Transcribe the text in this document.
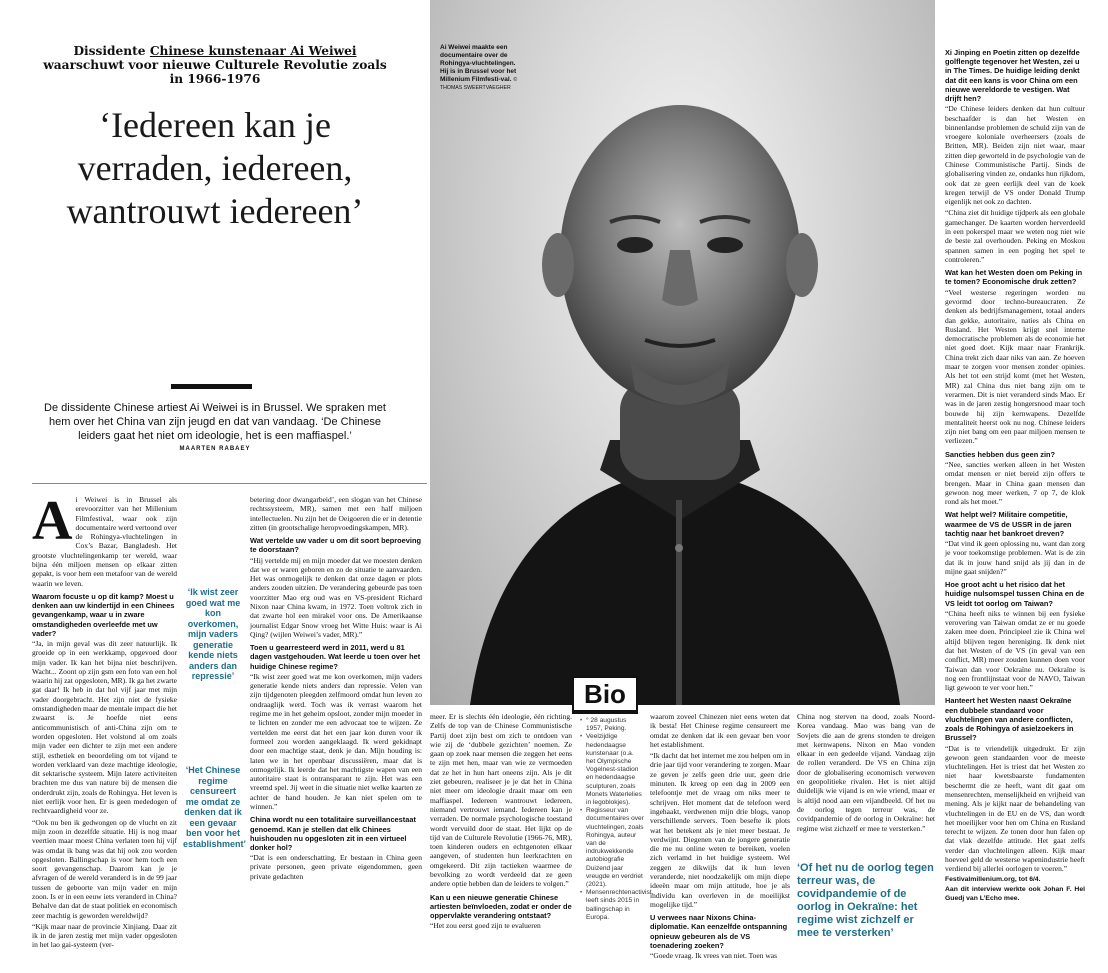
Dissidente Chinese kunstenaar Ai Weiwei waarschuwt voor nieuwe Culturele Revolutie zoals in 1966-1976
‘Iedereen kan je verraden, iedereen, wantrouwt iedereen’
De dissidente Chinese artiest Ai Weiwei is in Brussel. We spraken met hem over het China van zijn jeugd en dat van vandaag. ‘De Chinese leiders gaat het niet om ideologie, het is een maffiaspel.’
MAARTEN RABAEY
Ai Weiwei maakte een documentaire over de Rohingya-vluchtelingen. Hij is in Brussel voor het Millenium Filmfesti-val. © THOMAS SWEERTVAEGHER
A i Weiwei is in Brussel als erevoorzitter van het Millenium Filmfestival, waar ook zijn documentaire werd vertoond over de Rohingya-vluchtelingen in Cox’s Bazar, Bangladesh. Het grootste vluchtelingenkamp ter wereld, waar bijna één miljoen mensen op elkaar zitten gepakt, is voor hem een metafoor van de wereld waarin we leven.

Waarom focuste u op dit kamp? Moest u denken aan uw kindertijd in een Chinees gevangenkamp, waar u in zware omstandigheden overleefde met uw vader?

“Ja, in mijn geval was dit zeer natuurlijk. Ik groeide op in een werkkamp, opgevoed door mijn vader. Ik kan het bijna niet beschrijven. Wacht... Zoont op zijn gsm een foto van een hol waarin hij zat opgesloten, MR). Ik ga het zwarte gat daar! Ik heb in dat hol vijf jaar met mijn vader doorgebracht. Het zijn niet de fysieke omstandigheden maar de mentale impact die het zwaarst is. Je hoefde niet eens anticommunistisch of anti-China zijn om te worden opgesloten. Het volstond al om zoals mijn vader een dichter te zijn met een andere stijl, esthetiek en beoordeling om tot vijand te worden verklaard van deze machtige ideologie, dit sektarische systeem. Mijn latere activiteiten brachten me dus van nature bij de mensen die onderdrukt zijn, zoals de Rohingya. Het leven is niet eerlijk voor hen. Er is geen mededogen of rechtvaardigheid voor ze.

“Ook nu ben ik gedwongen op de vlucht en zit mijn zoon in dezelfde situatie. Hij is nog maar veertien maar moest China verlaten toen hij vijf was omdat ik bang was dat hij ook zou worden opgesloten. Ballingschap is voor hem toch een soort gevangenschap. Daarom kan je je afvragen of de wereld veranderd is in de 99 jaar tussen de geboorte van mijn vader en mijn zoon. Is er in een eeuw iets veranderd in China? Behalve dan dat de staat politiek en economisch zeer machtig is geworden wereldwijd?

“Kijk maar naar de provincie Xinjiang. Daar zit ik in de jaren zestig met mijn vader opgesloten in het lao gai-systeem (ver-

‘Ik wist zeer goed wat me kon overkomen, mijn vaders generatie kende niets anders dan repressie’
‘Het Chinese regime censureert me omdat ze denken dat ik een gevaar ben voor het establishment’

betering door dwangarbeid’, een slogan van het Chinese rechtssysteem, MR), samen met een half miljoen intellectuelen. Nu zijn het de Oeigoeren die er in detentie zitten (in grootschalige heropvoedingskampen, MR).

Wat vertelde uw vader u om dit soort beproeving te doorstaan?

“Hij vertelde mij en mijn moeder dat we moesten denken dat we er waren geboren en zo de situatie te aanvaarden. Het was onmogelijk te denken dat onze dagen er plots anders zouden uitzien. De verandering gebeurde pas toen voorzitter Mao erg oud was en VS-president Richard Nixon naar China kwam, in 1972. Toen voltrok zich in dat zwarte hol een mirakel voor ons. De Amerikaanse journalist Edgar Snow vroeg het Witte Huis: waar is Ai Qing? (wijlen Weiwei’s vader, MR).”

Toen u gearresteerd werd in 2011, werd u 81 dagen vastgehouden. Wat leerde u toen over het huidige Chinese regime?

“Ik wist zeer goed wat me kon overkomen, mijn vaders generatie kende niets anders dan repressie. Velen van zijn tijdgenoten pleegden zelfmoord omdat hun leven zo ondraaglijk werd. Toch was ik verrast waarom het regime me in het geheim opsloot, zonder mijn moeder in te lichten en zonder me een advocaat toe te wijzen. Ze vertelden me eerst dat het een jaar kon duren voor ik formeel zou worden aangeklaagd. Ik werd gekidnapt door een machtige staat, denk je dan. Mijn houding is: laten we in het openbaar discussiëren, maar dat is onmogelijk. Ik leerde dat het machtigste wapen van een autoritaire staat is ontransparant te zijn. Het was een vreemd spel. Jij weet in die situatie niet welke kaarten ze achter de hand houden. Je kan niet spelen om te winnen.”

China wordt nu een totalitaire surveillancestaat genoemd. Kan je stellen dat elk Chinees huishouden nu opgesloten zit in een virtueel donker hol?

“Dat is een onderschatting. Er bestaan in China geen private personen, geen private eigendommen, geen private gedachten

meer. Er is slechts één ideologie, één richting. Zelfs de top van de Chinese Communistische Partij doet zijn best om zich te ontdoen van wie zij de ‘dubbele gezichten’ noemen. Ze gaan op zoek naar mensen die zeggen het eens te zijn met hen, maar van wie ze vermoeden dat ze het in hun hart oneens zijn. Als je dit ziet gebeuren, realiseer je je dat het in China niet meer om ideologie draait maar om een maffiaspel. Iedereen wantrouwt iedereen, niemand vertrouwt iemand. Iedereen kan je verraden. De normale psychologische toestand wordt vervuild door de staat. Het lijkt op de tijd van de Culturele Revolutie (1966-76, MR), toen kinderen ouders en echtgenoten elkaar aangeven, of studenten hun leerkrachten en omgekeerd. Dit zijn tactieken waarmee de bevolking zo wordt verdeeld dat ze geen andere optie hebben dan de leiders te volgen.”

Kan u een nieuwe generatie Chinese artiesten beïnvloeden, zodat er onder de oppervlakte verandering ontstaat?

“Het zou eerst goed zijn te evalueren

Bio
• ° 28 augustus 1957, Peking.
• Veelzijdige hedendaagse kunstenaar (o.a. het Olympische Vogelnest-stadion en hedendaagse sculpturen, zoals Monets Waterlelies in legoblokjes).
• Regisseur van documentaires over vluchtelingen, zoals Rohingya, auteur van de indrukwekkende autobiografie Duizend jaar vreugde en verdriet (2021).
• Mensenrechtenactivist, leeft sinds 2015 in ballingschap in Europa.

waarom zoveel Chinezen niet eens weten dat ik besta! Het Chinese regime censureert me omdat ze denken dat ik een gevaar ben voor het establishment.

“Ik dacht dat het internet me zou helpen om in drie jaar tijd voor verandering te zorgen. Maar ze geven je zelfs geen drie uur, geen drie minuten. Ik kreeg op een dag in 2009 een telefoontje met de vraag om niks meer te schrijven. Het moment dat de telefoon werd ingehaakt, verdwenen mijn drie blogs, vanop verschillende servers. Toen besefte ik plots wat het betekent als je niet meer bestaat. Je verdwijnt. Diegenen van de jongere generatie die me nu online weten te bereiken, voelen zich verlamd in het huidige systeem. Wel zeggen ze dikwijls dat ik hun leven veranderde, niet noodzakelijk om mijn diepe ideeën maar om mijn attitude, hoe je als individu kan overleven in de moeilijkst mogelijke tijd.”

U verwees naar Nixons China-diplomatie. Kan eenzelfde ontspanning opnieuw gebeuren als de VS toenadering zoeken?

“Goede vraag. Ik vrees van niet. Toen was

China nog sterven na dood, zoals Noord-Korea vandaag. Mao was bang van de Sovjets die aan de grens stonden te dreigen met kernwapens. Nixon en Mao vonden elkaar in een gedeelde vijand. Vandaag zijn de rollen veranderd. De VS en China zijn door de globalisering economisch verweven en geopolitieke rivalen. Het is niet altijd duidelijk wie vijand is en wie vriend, maar er is altijd nood aan een vijandbeeld. Of het nu de oorlog tegen terreur was, de covidpandemie of de oorlog in Oekraïne: het regime wist zichzelf er mee te versterken.”

‘Of het nu de oorlog tegen terreur was, de covidpandemie of de oorlog in Oekraïne: het regime wist zichzelf er mee te versterken’

Xi Jinping en Poetin zitten op dezelfde golflengte tegenover het Westen, zei u in The Times. De huidige leiding denkt dat dit een kans is voor China om een nieuwe wereldorde te vestigen. Wat drijft hen?

“De Chinese leiders denken dat hun cultuur beschaafder is dan het Westen en binnenlandse problemen de schuld zijn van de vroegere koloniale overheersers (zoals de Britten, MR). Beiden zijn niet waar, maar zitten diep geworteld in de psychologie van de Chinese Communistische Partij. Sinds de globalisering vinden ze, ondanks hun rijkdom, ook dat ze geen eerlijk deel van de koek kregen terwijl de VS onder Donald Trump eigenlijk net ook zo dachten.

“China ziet dit huidige tijdperk als een globale gamechanger. De kaarten worden herverdeeld in een pokerspel maar we weten nog niet wie de beste zal overhouden. Peking en Moskou spannen samen in een poging het spel te controleren.”

Wat kan het Westen doen om Peking in te tomen? Economische druk zetten?

“Veel westerse regeringen worden nu gevormd door techno-bureaucraten. Ze denken als bedrijfsmanagement, totaal anders dan gekke, autoritaire, naties als China en Rusland. Het Westen krijgt snel interne democratische problemen als de economie het niet goed doet. Kijk maar naar Frankrijk. China trekt zich daar niks van aan. Ze hoeven maar te zorgen voor mensen zonder opinies. Als het tot een strijd komt (met het Westen, MR) zal China dus niet bang zijn om te verarmen. Dit is niet veranderd sinds Mao. Er was in de jaren zestig hongersnood maar toch bouwde hij zijn kernwapens. Dezelfde mentaliteit heerst ook nu nog. Chinese leiders zijn niet bang om een paar miljoen mensen te verliezen.”

Sancties hebben dus geen zin?

“Nee, sancties werken alleen in het Westen omdat mensen er niet bereid zijn offers te brengen. Maar in China gaan mensen dan gewoon nog meer werken, 7 op 7, de klok rond als het moet.”

Wat helpt wel? Militaire competitie, waarmee de VS de USSR in de jaren tachtig naar het bankroet dreven?

“Dat vind ik geen oplossing nu, want dan zorg je voor toekomstige problemen. Wat is de zin dat ik in jouw hand snijd als jij dan in de mijne gaat snijden?”

Hoe groot acht u het risico dat het huidige nulsomspel tussen China en de VS leidt tot oorlog om Taiwan?

“China heeft niks te winnen bij een fysieke verovering van Taiwan omdat ze er nu goede zaken mee doen. Principieel zie ik China wel altijd blijven tegen hereniging. Ik denk niet dat het Westen of de VS (in geval van een conflict, MR) meer zouden kunnen doen voor Taiwan dan voor Oekraïne nu. Oekraïne is nog een frontlijnstaat voor de NAVO, Taiwan ligt gewoon te ver voor hen.”

Hanteert het Westen naast Oekraïne een dubbele standaard voor vluchtelingen van andere conflicten, zoals de Rohingya of asielzoekers in Brussel?

“Dat is te vriendelijk uitgedrukt. Er zijn gewoon geen standaarden voor de meeste vluchtelingen. Het is triest dat het Westen zo niet haar kwetsbaarste fundamenten beschermt die ze heeft, want dit gaat om mensenrechten, menselijkheid en vrijheid van mening. Als je kijkt naar de behandeling van vluchtelingen in de EU en de VS, dan wordt het moeilijker voor hen om China en Rusland terecht te wijzen. Ze tonen door hun falen op dat vlak dezelfde attitude. Het gaat zelfs verder dan vluchtelingen alleen. Kijk maar hoeveel geld de westerse wapenindustrie heeft verdiend bij allerlei oorlogen te voeren.”

Festivalmillenium.org, tot 6/4.

Aan dit interview werkte ook Johan F. Hel Guedj van L’Echo mee.
